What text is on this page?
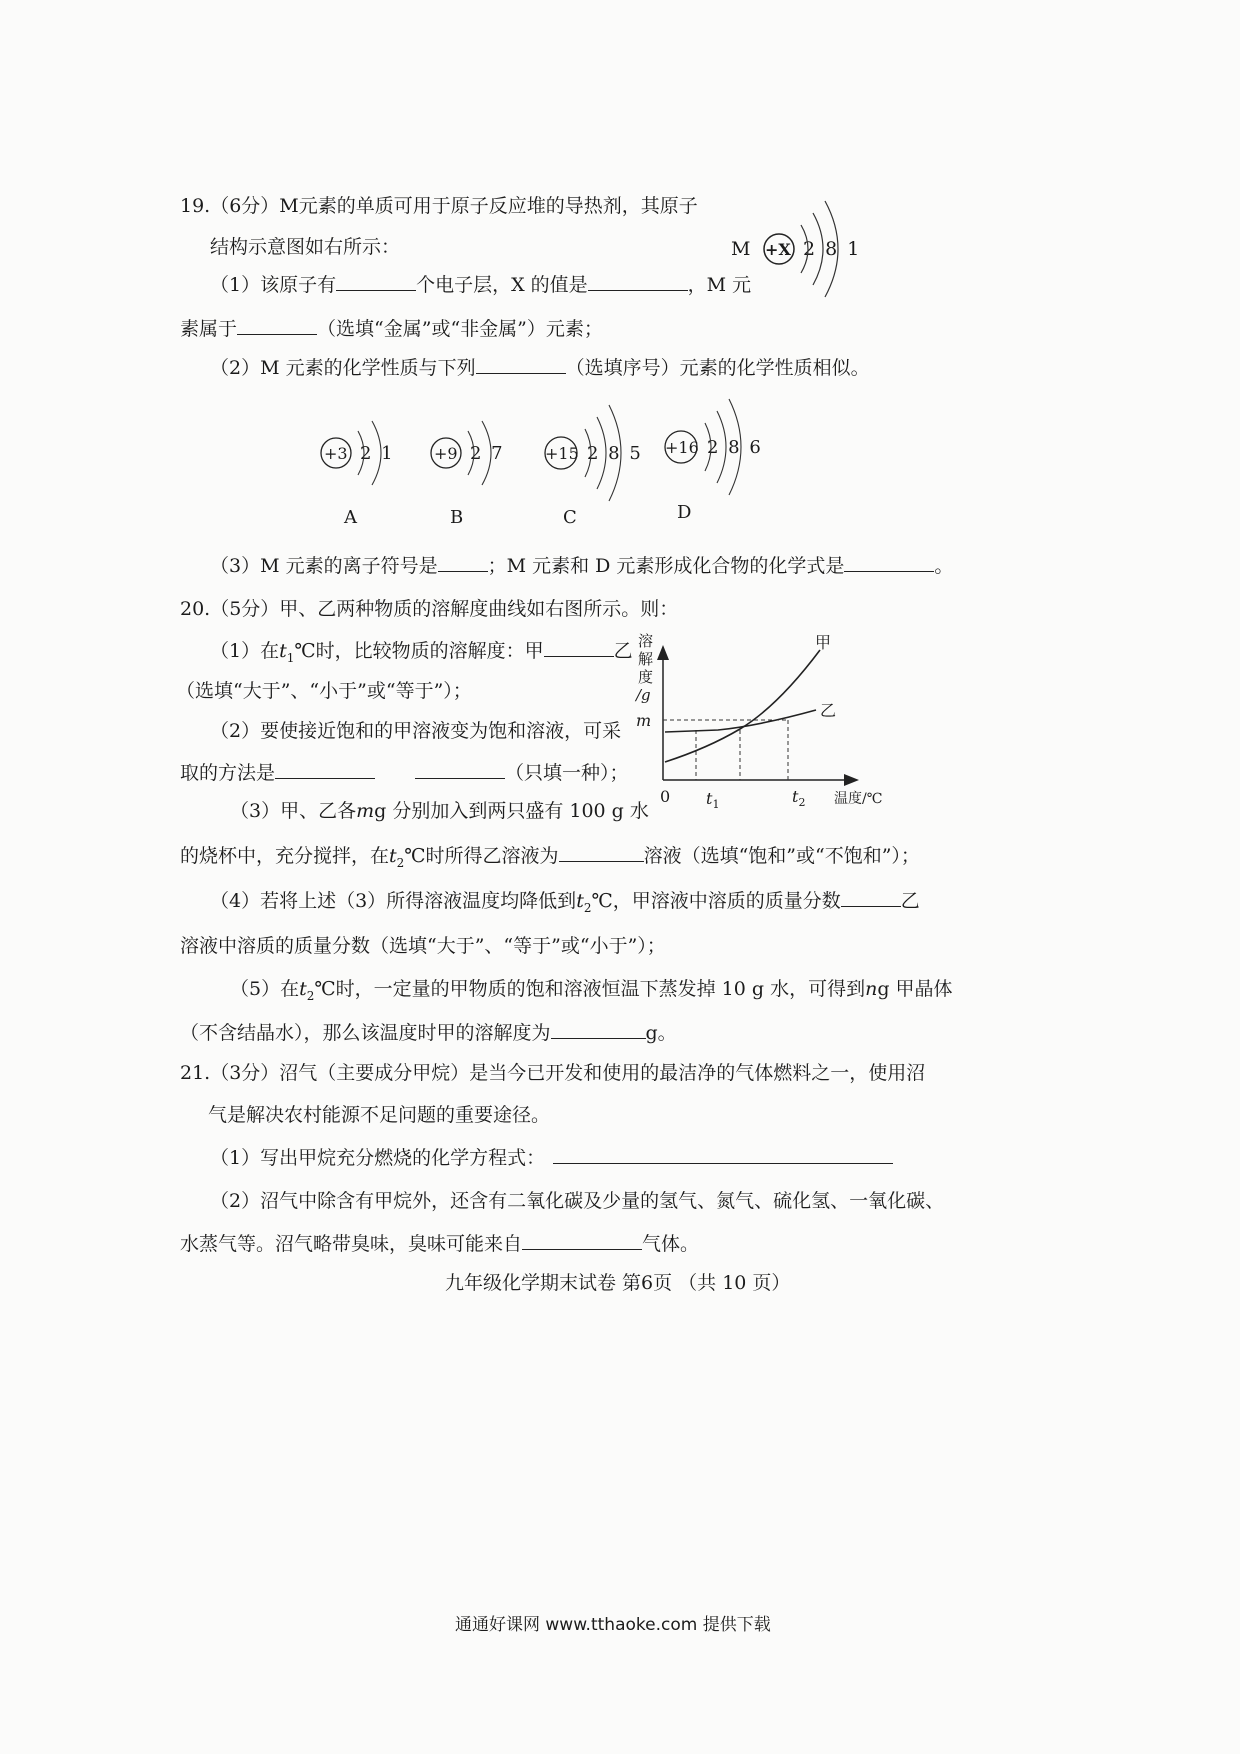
19.（6分）M元素的单质可用于原子反应堆的导热剂，其原子
结构示意图如右所示：	M +X 2 8 1
（1）该原子有	个电子层，X 的值是	，M 元
素属于	（选填“金属”或“非金属”）元素；
（2）M 元素的化学性质与下列	（选填序号）元素的化学性质相似。
+3 2 1
A
+9 2 7
B
+15 2 8 5
C
+16 2 8 6
D
（3）M 元素的离子符号是	；M 元素和 D 元素形成化合物的化学式是	。
20.（5分）甲、乙两种物质的溶解度曲线如右图所示。则：
（1）在$t_1℃$时，比较物质的溶解度：甲	乙
（选填“大于”、“小于”或“等于”）；
（2）要使接近饱和的甲溶液变为饱和溶液，可采
取的方法是	（只填一种）；
溶
解
度
/g
m
甲
乙
0 $t_1$	$t_2$ 温度/℃
（3）甲、乙各mg 分别加入到两只盛有 100 g 水
的烧杯中，充分搅拌，在$t_2℃$时所得乙溶液为	溶液（选填“饱和”或“不饱和”）；
（4）若将上述（3）所得溶液温度均降低到$t_2℃$，甲溶液中溶质的质量分数	乙
溶液中溶质的质量分数（选填“大于”、“等于”或“小于”）；
（5）在$t_2℃$时，一定量的甲物质的饱和溶液恒温下蒸发掉 10 g 水，可得到ng 甲晶体
（不含结晶水），那么该温度时甲的溶解度为	g。
21.（3分）沼气（主要成分甲烷）是当今已开发和使用的最洁净的气体燃料之一，使用沼
气是解决农村能源不足问题的重要途径。
（1）写出甲烷充分燃烧的化学方程式：
（2）沼气中除含有甲烷外，还含有二氧化碳及少量的氢气、氮气、硫化氢、一氧化碳、
水蒸气等。沼气略带臭味，臭味可能来自	气体。
九年级化学期末试卷 第6页 （共 10 页）
通通好课网 www.tthaoke.com 提供下载
